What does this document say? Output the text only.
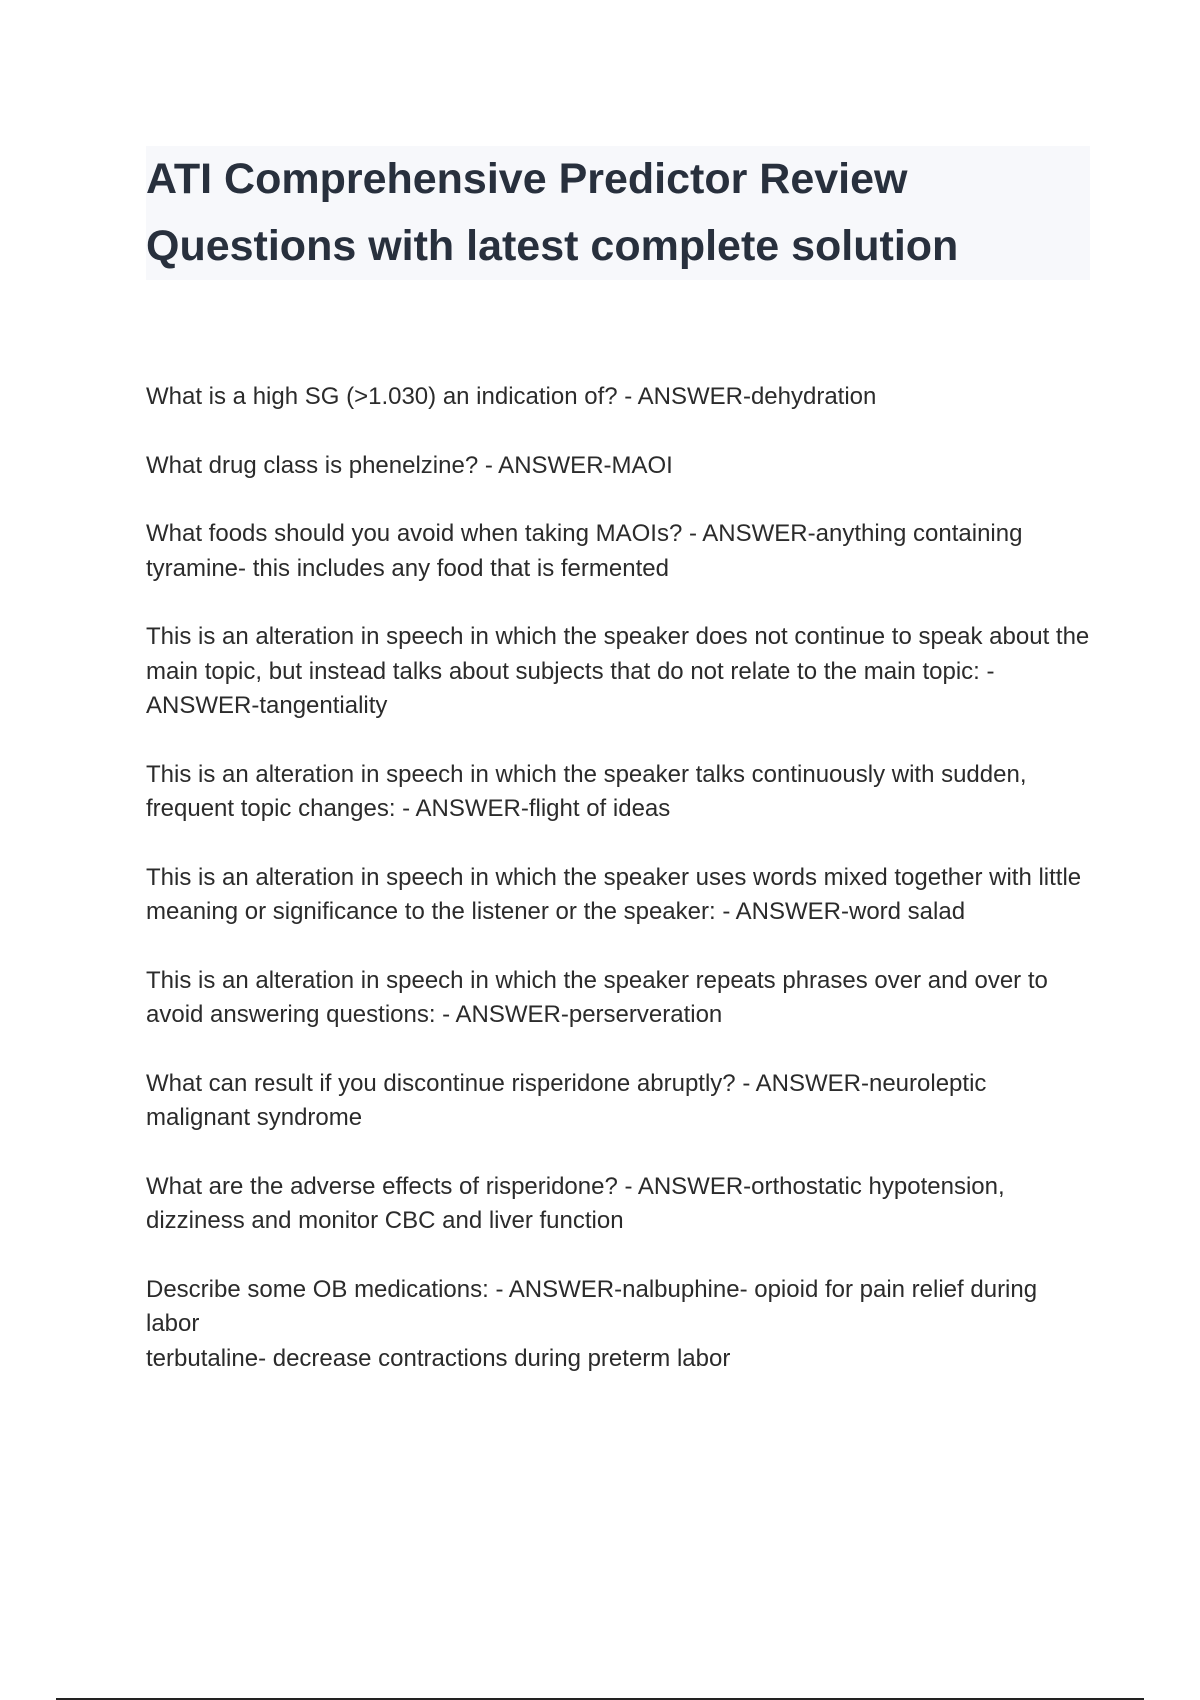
ATI Comprehensive Predictor Review Questions with latest complete solution
What is a high SG (>1.030) an indication of? - ANSWER-dehydration
What drug class is phenelzine? - ANSWER-MAOI
What foods should you avoid when taking MAOIs? - ANSWER-anything containing tyramine- this includes any food that is fermented
This is an alteration in speech in which the speaker does not continue to speak about the main topic, but instead talks about subjects that do not relate to the main topic: - ANSWER-tangentiality
This is an alteration in speech in which the speaker talks continuously with sudden, frequent topic changes: - ANSWER-flight of ideas
This is an alteration in speech in which the speaker uses words mixed together with little meaning or significance to the listener or the speaker: - ANSWER-word salad
This is an alteration in speech in which the speaker repeats phrases over and over to avoid answering questions: - ANSWER-perserveration
What can result if you discontinue risperidone abruptly? - ANSWER-neuroleptic malignant syndrome
What are the adverse effects of risperidone? - ANSWER-orthostatic hypotension, dizziness and monitor CBC and liver function
Describe some OB medications: - ANSWER-nalbuphine- opioid for pain relief during labor
terbutaline- decrease contractions during preterm labor
